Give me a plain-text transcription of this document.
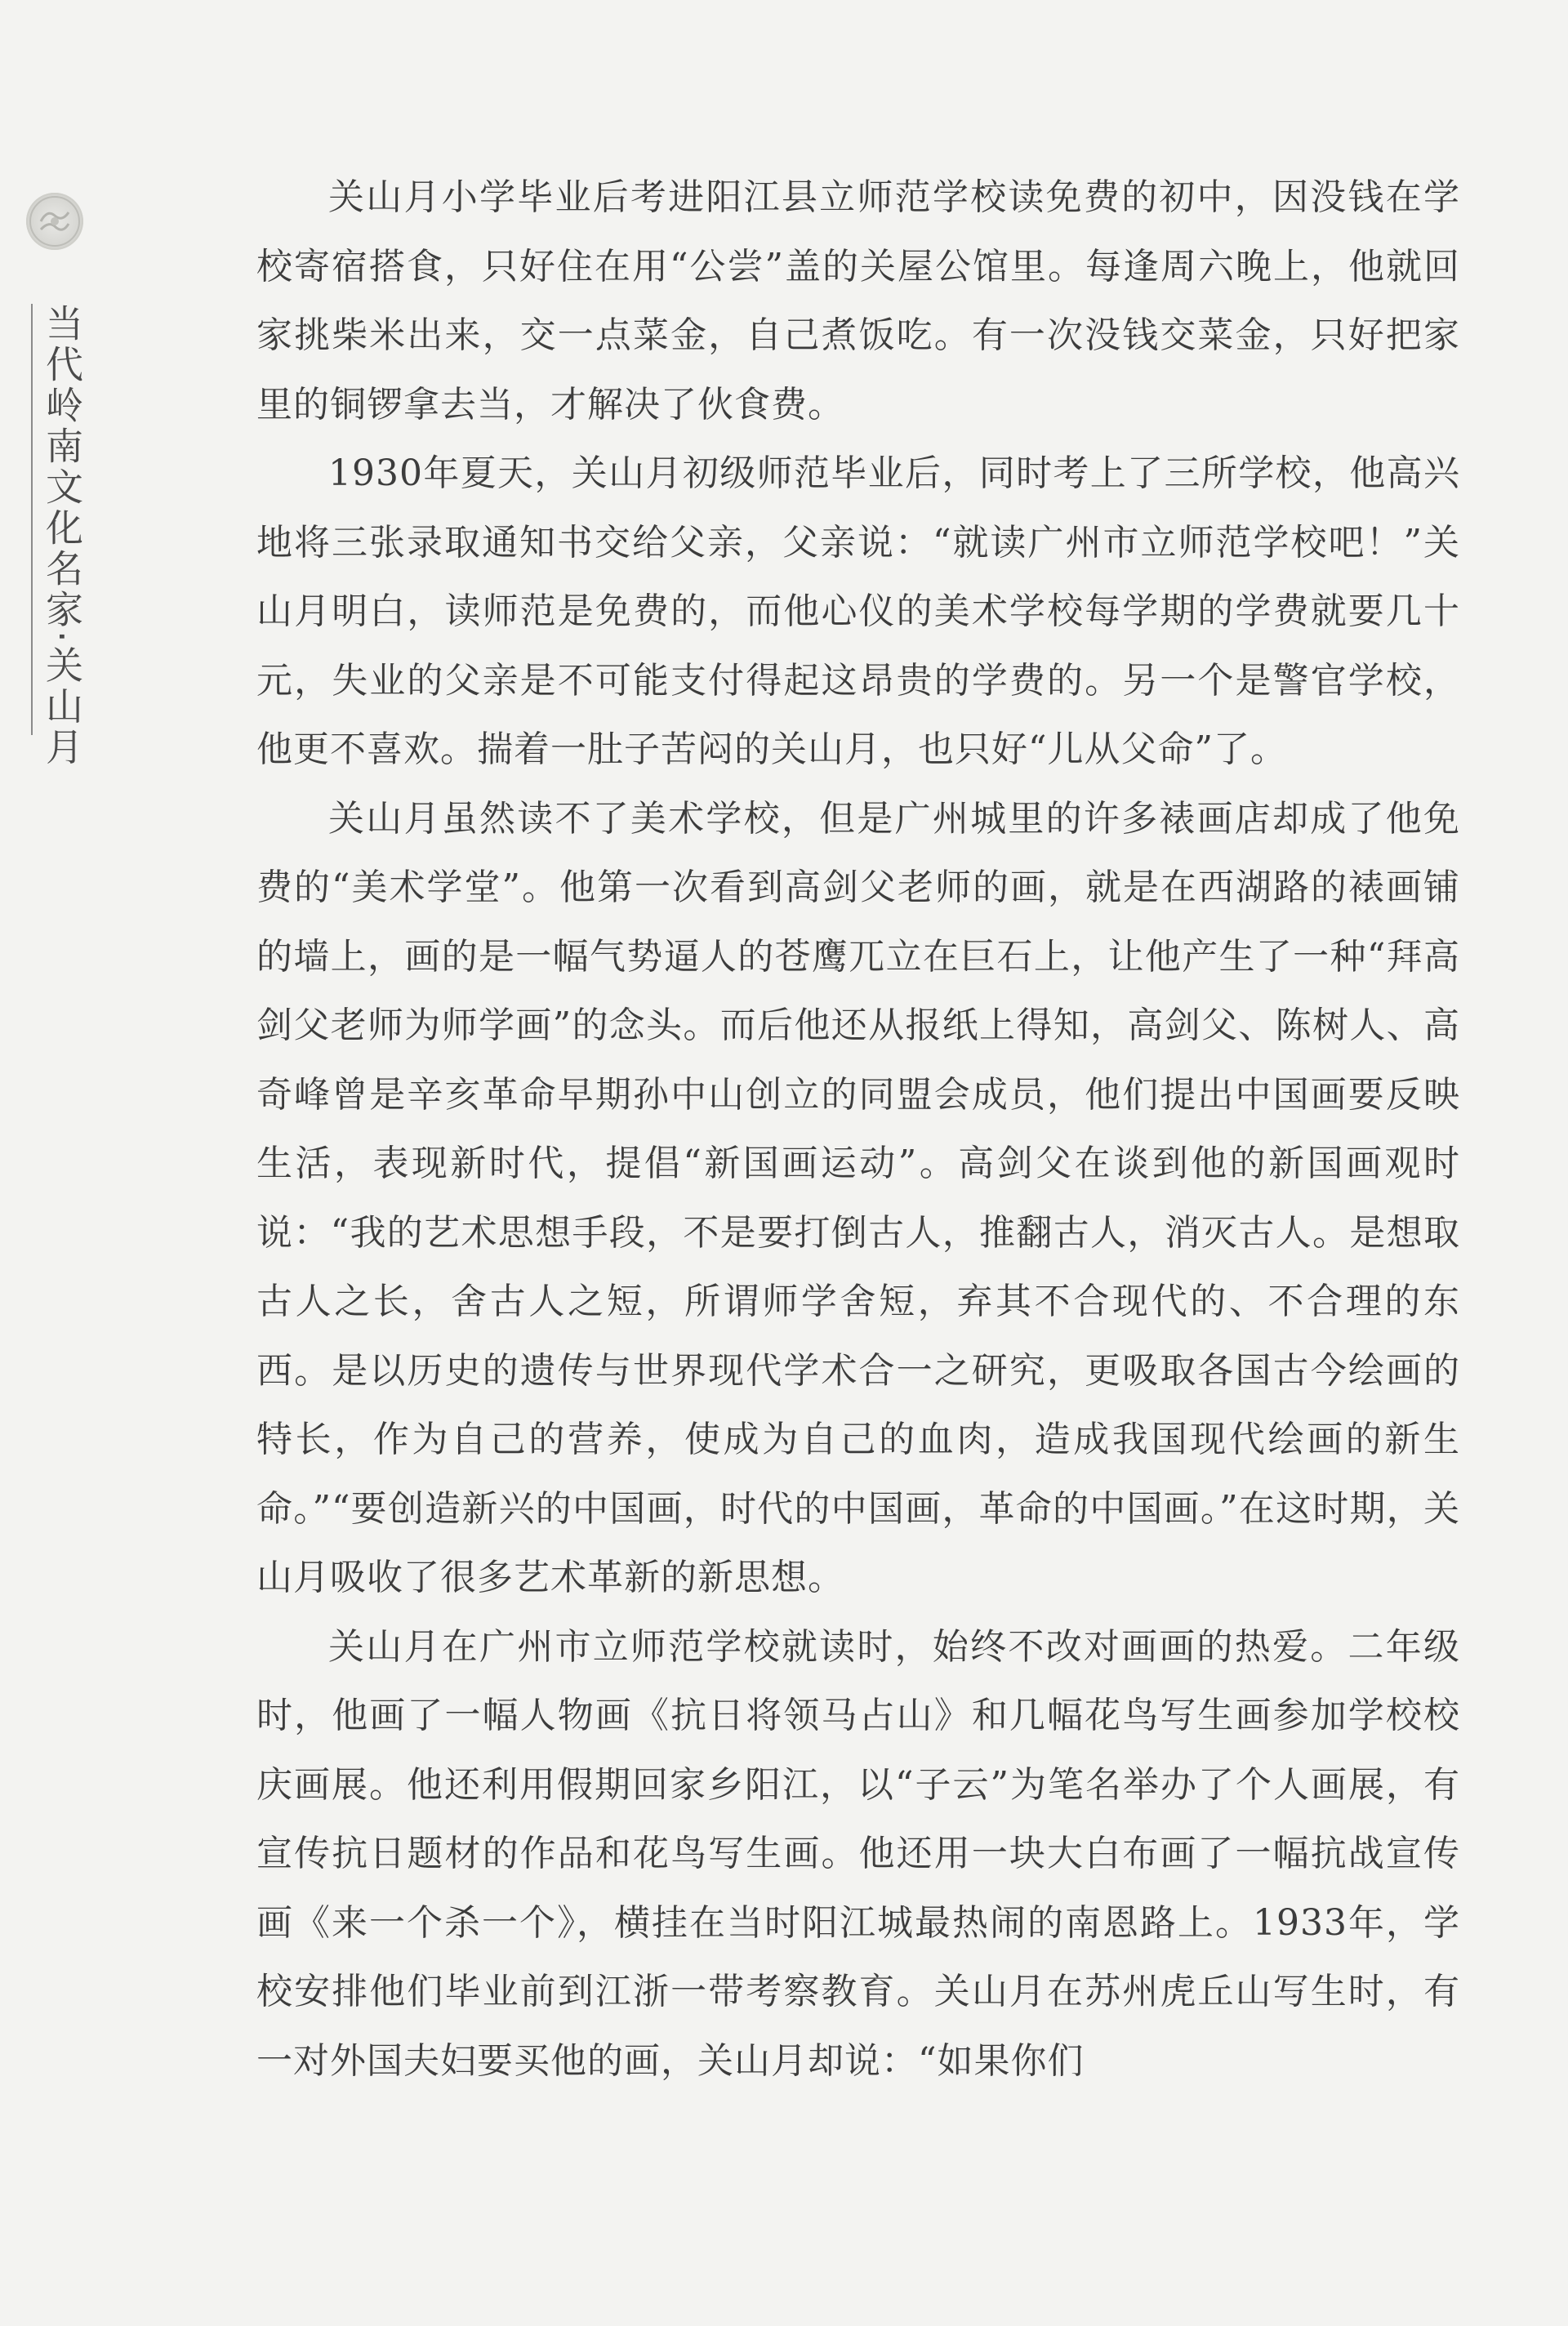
当代岭南文化名家·关山月

关山月小学毕业后考进阳江县立师范学校读免费的初中，因没钱在学校寄宿搭食，只好住在用“公尝”盖的关屋公馆里。每逢周六晚上，他就回家挑柴米出来，交一点菜金，自己煮饭吃。有一次没钱交菜金，只好把家里的铜锣拿去当，才解决了伙食费。

1930年夏天，关山月初级师范毕业后，同时考上了三所学校，他高兴地将三张录取通知书交给父亲，父亲说：“就读广州市立师范学校吧！”关山月明白，读师范是免费的，而他心仪的美术学校每学期的学费就要几十元，失业的父亲是不可能支付得起这昂贵的学费的。另一个是警官学校，他更不喜欢。揣着一肚子苦闷的关山月，也只好“儿从父命”了。

关山月虽然读不了美术学校，但是广州城里的许多裱画店却成了他免费的“美术学堂”。他第一次看到高剑父老师的画，就是在西湖路的裱画铺的墙上，画的是一幅气势逼人的苍鹰兀立在巨石上，让他产生了一种“拜高剑父老师为师学画”的念头。而后他还从报纸上得知，高剑父、陈树人、高奇峰曾是辛亥革命早期孙中山创立的同盟会成员，他们提出中国画要反映生活，表现新时代，提倡“新国画运动”。高剑父在谈到他的新国画观时说：“我的艺术思想手段，不是要打倒古人，推翻古人，消灭古人。是想取古人之长，舍古人之短，所谓师学舍短，弃其不合现代的、不合理的东西。是以历史的遗传与世界现代学术合一之研究，更吸取各国古今绘画的特长，作为自己的营养，使成为自己的血肉，造成我国现代绘画的新生命。”“要创造新兴的中国画，时代的中国画，革命的中国画。”在这时期，关山月吸收了很多艺术革新的新思想。

关山月在广州市立师范学校就读时，始终不改对画画的热爱。二年级时，他画了一幅人物画《抗日将领马占山》和几幅花鸟写生画参加学校校庆画展。他还利用假期回家乡阳江，以“子云”为笔名举办了个人画展，有宣传抗日题材的作品和花鸟写生画。他还用一块大白布画了一幅抗战宣传画《来一个杀一个》，横挂在当时阳江城最热闹的南恩路上。1933年，学校安排他们毕业前到江浙一带考察教育。关山月在苏州虎丘山写生时，有一对外国夫妇要买他的画，关山月却说：“如果你们
